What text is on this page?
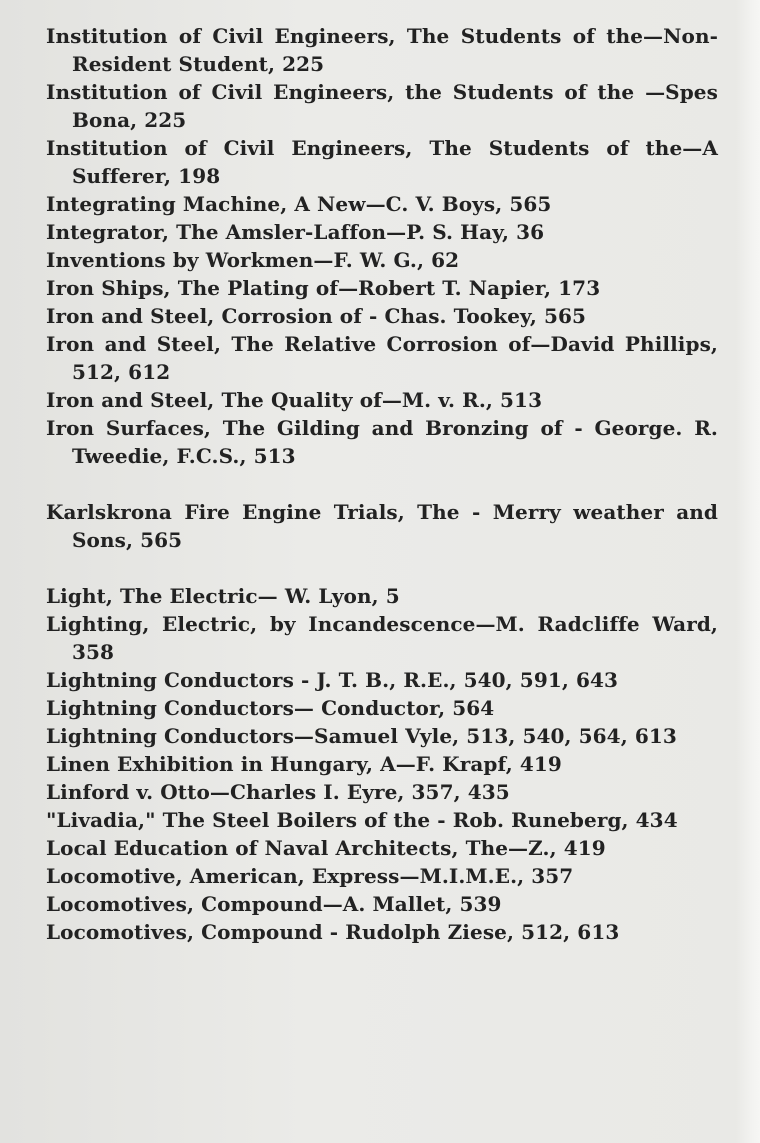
Institution of Civil Engineers, The Students of the—Non-Resident Student, 225
Institution of Civil Engineers, the Students of the —Spes Bona, 225
Institution of Civil Engineers, The Students of the—A Sufferer, 198
Integrating Machine, A New—C. V. Boys, 565
Integrator, The Amsler-Laffon—P. S. Hay, 36
Inventions by Workmen—F. W. G., 62
Iron Ships, The Plating of—Robert T. Napier, 173
Iron and Steel, Corrosion of - Chas. Tookey, 565
Iron and Steel, The Relative Corrosion of—David Phillips, 512, 612
Iron and Steel, The Quality of—M. v. R., 513
Iron Surfaces, The Gilding and Bronzing of - George. R. Tweedie, F.C.S., 513
Karlskrona Fire Engine Trials, The - Merry weather and Sons, 565
Light, The Electric— W. Lyon, 5
Lighting, Electric, by Incandescence—M. Radcliffe Ward, 358
Lightning Conductors - J. T. B., R.E., 540, 591, 643
Lightning Conductors— Conductor, 564
Lightning Conductors—Samuel Vyle, 513, 540, 564, 613
Linen Exhibition in Hungary, A—F. Krapf, 419
Linford v. Otto—Charles I. Eyre, 357, 435
"Livadia," The Steel Boilers of the - Rob. Runeberg, 434
Local Education of Naval Architects, The—Z., 419
Locomotive, American, Express—M.I.M.E., 357
Locomotives, Compound—A. Mallet, 539
Locomotives, Compound - Rudolph Ziese, 512, 613
